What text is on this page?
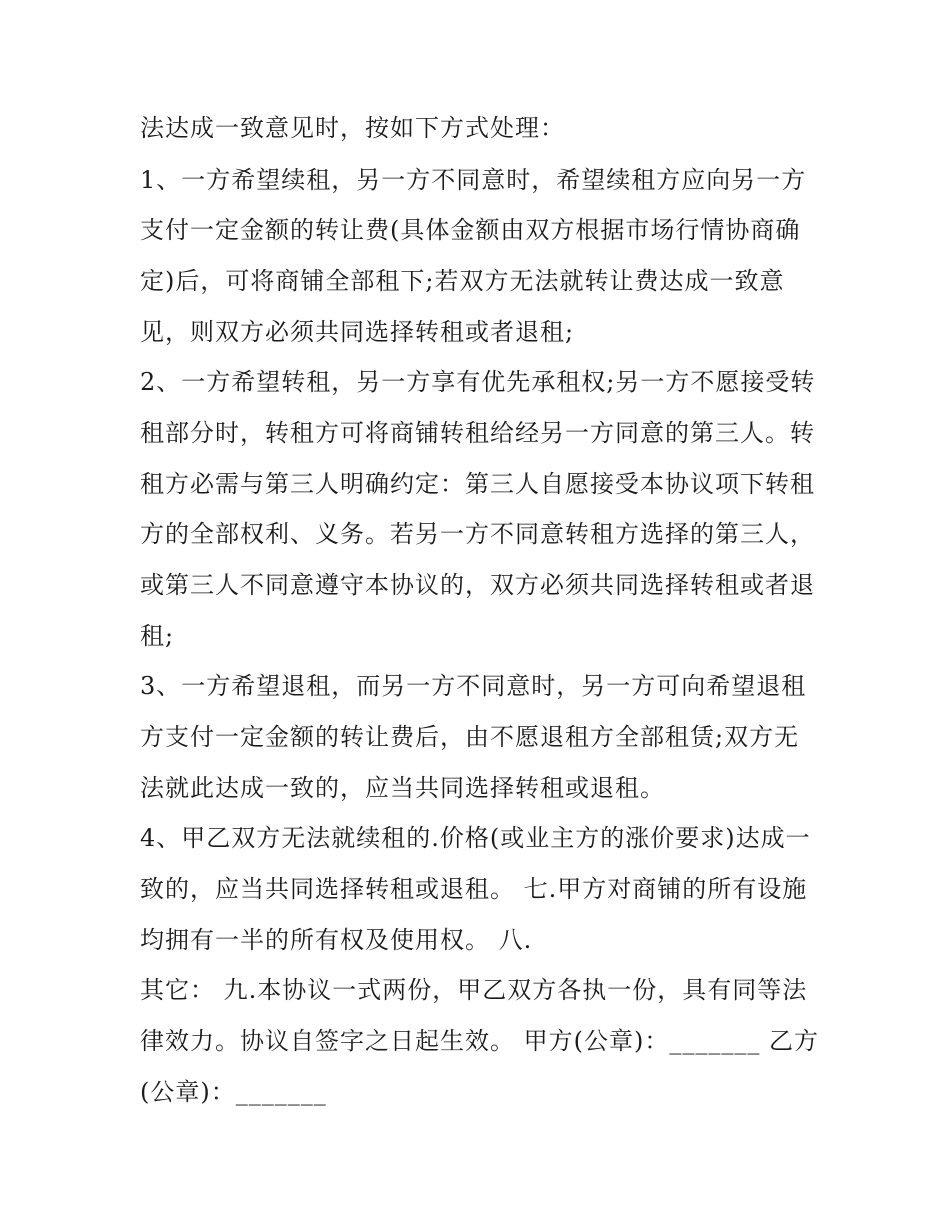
法达成一致意见时，按如下方式处理：
1、一方希望续租，另一方不同意时，希望续租方应向另一方
支付一定金额的转让费(具体金额由双方根据市场行情协商确
定)后，可将商铺全部租下;若双方无法就转让费达成一致意
见，则双方必须共同选择转租或者退租;
2、一方希望转租，另一方享有优先承租权;另一方不愿接受转
租部分时，转租方可将商铺转租给经另一方同意的第三人。转
租方必需与第三人明确约定：第三人自愿接受本协议项下转租
方的全部权利、义务。若另一方不同意转租方选择的第三人，
或第三人不同意遵守本协议的，双方必须共同选择转租或者退
租;
3、一方希望退租，而另一方不同意时，另一方可向希望退租
方支付一定金额的转让费后，由不愿退租方全部租赁;双方无
法就此达成一致的，应当共同选择转租或退租。
4、甲乙双方无法就续租的.价格(或业主方的涨价要求)达成一
致的，应当共同选择转租或退租。 七.甲方对商铺的所有设施
均拥有一半的所有权及使用权。 八.
其它： 九.本协议一式两份，甲乙双方各执一份，具有同等法
律效力。协议自签字之日起生效。 甲方(公章)：_______ 乙方
(公章)：_______
